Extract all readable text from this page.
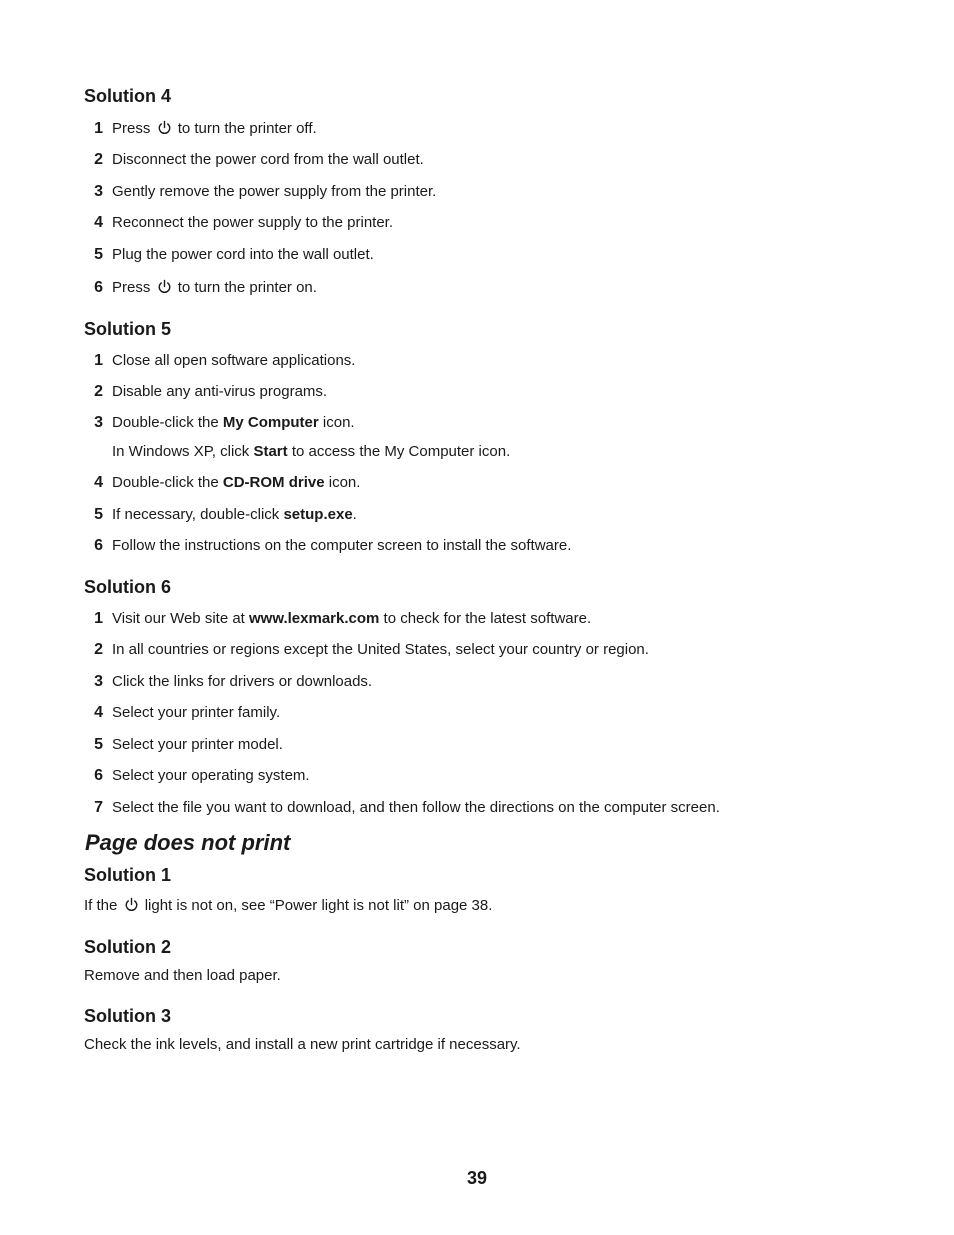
Solution 4
1 Press to turn the printer off.
2 Disconnect the power cord from the wall outlet.
3 Gently remove the power supply from the printer.
4 Reconnect the power supply to the printer.
5 Plug the power cord into the wall outlet.
6 Press to turn the printer on.
Solution 5
1 Close all open software applications.
2 Disable any anti-virus programs.
3 Double-click the My Computer icon.
In Windows XP, click Start to access the My Computer icon.
4 Double-click the CD-ROM drive icon.
5 If necessary, double-click setup.exe.
6 Follow the instructions on the computer screen to install the software.
Solution 6
1 Visit our Web site at www.lexmark.com to check for the latest software.
2 In all countries or regions except the United States, select your country or region.
3 Click the links for drivers or downloads.
4 Select your printer family.
5 Select your printer model.
6 Select your operating system.
7 Select the file you want to download, and then follow the directions on the computer screen.
Page does not print
Solution 1
If the light is not on, see “Power light is not lit” on page 38.
Solution 2
Remove and then load paper.
Solution 3
Check the ink levels, and install a new print cartridge if necessary.
39
